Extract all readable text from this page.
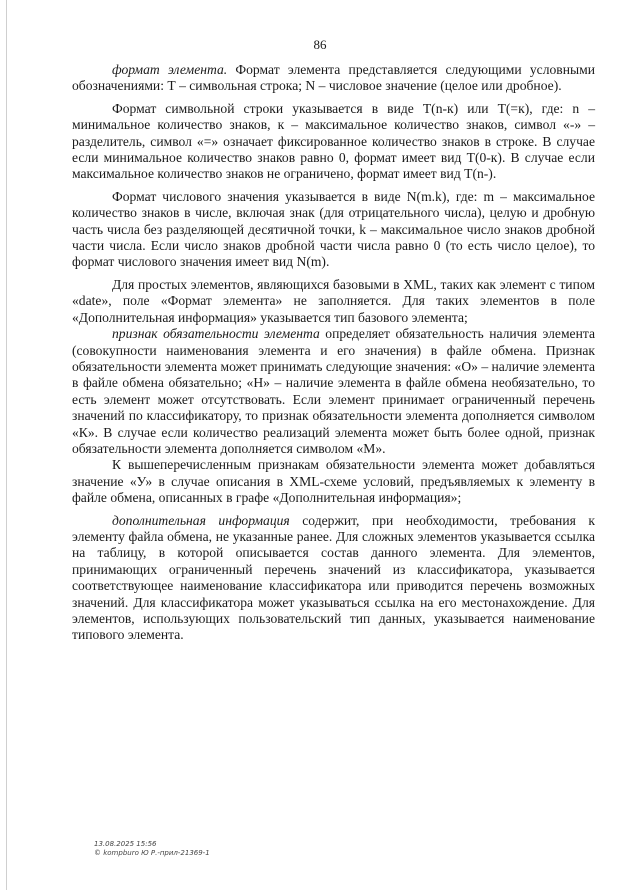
86

формат элемента. Формат элемента представляется следующими условными обозначениями: Т – символьная строка; N – числовое значение (целое или дробное).

Формат символьной строки указывается в виде Т(n-к) или Т(=к), где: n – минимальное количество знаков, к – максимальное количество знаков, символ «-» – разделитель, символ «=» означает фиксированное количество знаков в строке. В случае если минимальное количество знаков равно 0, формат имеет вид Т(0-к). В случае если максимальное количество знаков не ограничено, формат имеет вид Т(n-).

Формат числового значения указывается в виде N(m.k), где: m – максимальное количество знаков в числе, включая знак (для отрицательного числа), целую и дробную часть числа без разделяющей десятичной точки, k – максимальное число знаков дробной части числа. Если число знаков дробной части числа равно 0 (то есть число целое), то формат числового значения имеет вид N(m).

Для простых элементов, являющихся базовыми в XML, таких как элемент с типом «date», поле «Формат элемента» не заполняется. Для таких элементов в поле «Дополнительная информация» указывается тип базового элемента;

признак обязательности элемента определяет обязательность наличия элемента (совокупности наименования элемента и его значения) в файле обмена. Признак обязательности элемента может принимать следующие значения: «О» – наличие элемента в файле обмена обязательно; «Н» – наличие элемента в файле обмена необязательно, то есть элемент может отсутствовать. Если элемент принимает ограниченный перечень значений по классификатору, то признак обязательности элемента дополняется символом «К». В случае если количество реализаций элемента может быть более одной, признак обязательности элемента дополняется символом «М».

К вышеперечисленным признакам обязательности элемента может добавляться значение «У» в случае описания в XML-схеме условий, предъявляемых к элементу в файле обмена, описанных в графе «Дополнительная информация»;

дополнительная информация содержит, при необходимости, требования к элементу файла обмена, не указанные ранее. Для сложных элементов указывается ссылка на таблицу, в которой описывается состав данного элемента. Для элементов, принимающих ограниченный перечень значений из классификатора, указывается соответствующее наименование классификатора или приводится перечень возможных значений. Для классификатора может указываться ссылка на его местонахождение. Для элементов, использующих пользовательский тип данных, указывается наименование типового элемента.

13.08.2025 15:56
© kompburo Ю Р.-прил-21369-1
